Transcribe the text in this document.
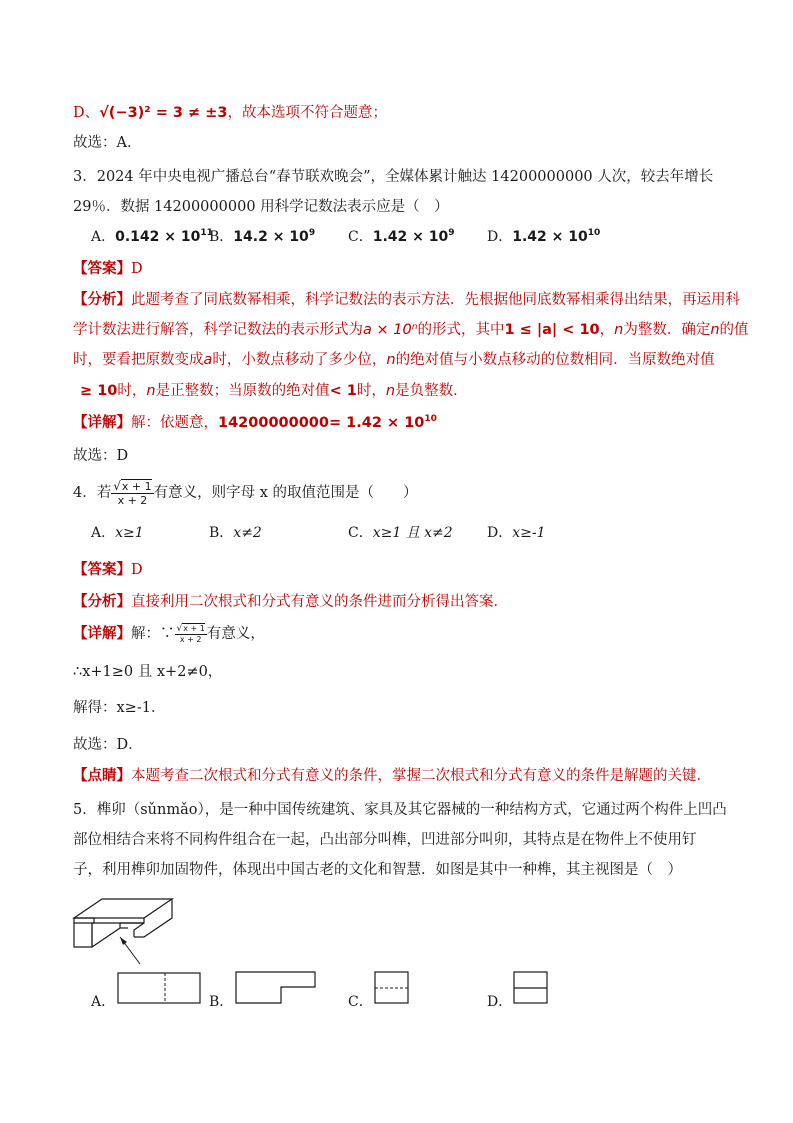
D、√(−3)² = 3 ≠ ±3，故本选项不符合题意；
故选：A．
3．2024 年中央电视广播总台“春节联欢晚会”，全媒体累计触达 14200000000 人次，较去年增长
29％．数据 14200000000 用科学记数法表示应是（　）
A．$0.142 \times 10^{11}$
B．$14.2 \times 10^9$ C．$1.42 \times 10^9$ D．$1.42 \times 10^{10}$
【答案】D
【分析】此题考查了同底数幂相乘，科学记数法的表示方法．先根据他同底数幂相乘得出结果，再运用科
学计数法进行解答，科学记数法的表示形式为a × 10ⁿ的形式，其中1 ≤ |a| < 10，n为整数．确定n的值
时，要看把原数变成a时，小数点移动了多少位，n的绝对值与小数点移动的位数相同．当原数绝对值
≥ 10时，n是正整数；当原数的绝对值< 1时，n是负整数．
【详解】解：依题意，$14200000000= 1.42 \times 10^{10}$
故选：D
4．若 $\frac{√x + 1}{x + 2}$ 有意义，则字母 x 的取值范围是（　　）
A．x≥1	B．x≠2	C．x≥1 且 x≠2 D．x≥-1
【答案】D
【分析】直接利用二次根式和分式有意义的条件进而分析得出答案．
【详解】解：∵ $\frac{√x + 1}{x + 2}$ 有意义，
∴x+1≥0 且 x+2≠0，
解得：x≥-1．
故选：D．
【点睛】本题考查二次根式和分式有意义的条件，掌握二次根式和分式有意义的条件是解题的关键．
5．榫卯（sǔnmǎo），是一种中国传统建筑、家具及其它器械的一种结构方式，它通过两个构件上凹凸
部位相结合来将不同构件组合在一起，凸出部分叫榫，凹进部分叫卯，其特点是在物件上不使用钉
子，利用榫卯加固物件，体现出中国古老的文化和智慧．如图是其中一种榫，其主视图是（　）
A．	B．	C．	D．
